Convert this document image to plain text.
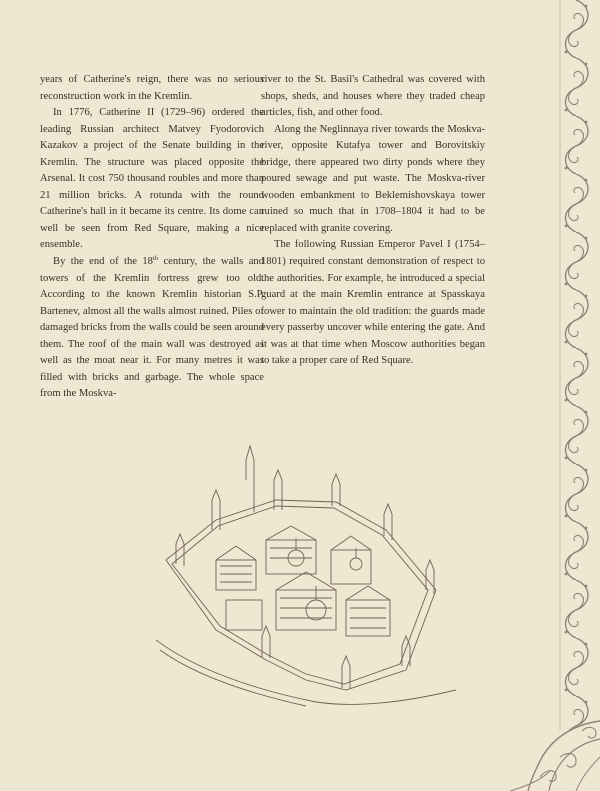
years of Catherine's reign, there was no serious reconstruction work in the Kremlin.

In 1776, Catherine II (1729–96) ordered the leading Russian architect Matvey Fyodorovich Kazakov a project of the Senate building in the Kremlin. The structure was placed opposite the Arsenal. It cost 750 thousand roubles and more than 21 million bricks. A rotunda with the round Catherine's hall in it became its centre. Its dome can well be seen from Red Square, making a nice ensemble.

By the end of the 18th century, the walls and towers of the Kremlin fortress grew too old. According to the known Kremlin historian S.P. Bartenev, almost all the walls almost ruined. Piles of damaged bricks from the walls could be seen around them. The roof of the main wall was destroyed as well as the moat near it. For many metres it was filled with bricks and garbage. The whole space from the Moskva-

river to the St. Basil's Cathedral was covered with shops, sheds, and houses where they traded cheap articles, fish, and other food.

Along the Neglinnaya river towards the Moskva-river, opposite Kutafya tower and Borovitskiy bridge, there appeared two dirty ponds where they poured sewage and put waste. The Moskva-river wooden embankment to Beklemishovskaya tower ruined so much that in 1708–1804 it had to be replaced with granite covering.

The following Russian Emperor Pavel I (1754–1801) required constant demonstration of respect to the authorities. For example, he introduced a special guard at the main Kremlin entrance at Spasskaya tower to maintain the old tradition: the guards made every passerby uncover while entering the gate. And it was at that time when Moscow authorities began to take a proper care of Red Square.
